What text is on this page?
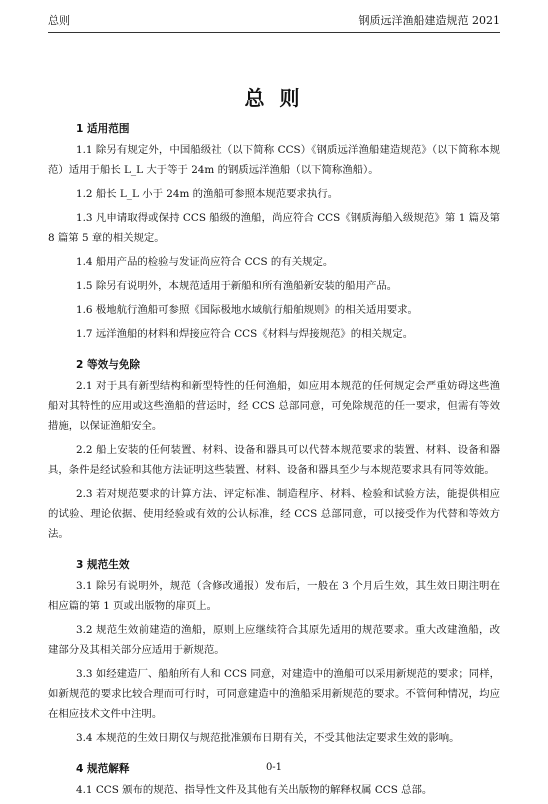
总则	钢质远洋渔船建造规范 2021
总 则
1 适用范围

1.1 除另有规定外，中国船级社（以下简称 CCS）《钢质远洋渔船建造规范》（以下简称本规范）适用于船长 L_L 大于等于 24m 的钢质远洋渔船（以下简称渔船）。

1.2 船长 L_L 小于 24m 的渔船可参照本规范要求执行。

1.3 凡申请取得或保持 CCS 船级的渔船，尚应符合 CCS《钢质海船入级规范》第 1 篇及第 8 篇第 5 章的相关规定。

1.4 船用产品的检验与发证尚应符合 CCS 的有关规定。

1.5 除另有说明外，本规范适用于新船和所有渔船新安装的船用产品。

1.6 极地航行渔船可参照《国际极地水域航行船舶规则》的相关适用要求。

1.7 远洋渔船的材料和焊接应符合 CCS《材料与焊接规范》的相关规定。

2 等效与免除

2.1 对于具有新型结构和新型特性的任何渔船，如应用本规范的任何规定会严重妨碍这些渔船对其特性的应用或这些渔船的营运时，经 CCS 总部同意，可免除规范的任一要求，但需有等效措施，以保证渔船安全。

2.2 船上安装的任何装置、材料、设备和器具可以代替本规范要求的装置、材料、设备和器具，条件是经试验和其他方法证明这些装置、材料、设备和器具至少与本规范要求具有同等效能。

2.3 若对规范要求的计算方法、评定标准、制造程序、材料、检验和试验方法，能提供相应的试验、理论依据、使用经验或有效的公认标准，经 CCS 总部同意，可以接受作为代替和等效方法。

3 规范生效

3.1 除另有说明外，规范（含修改通报）发布后，一般在 3 个月后生效，其生效日期注明在相应篇的第 1 页或出版物的扉页上。

3.2 规范生效前建造的渔船，原则上应继续符合其原先适用的规范要求。重大改建渔船，改建部分及其相关部分应适用于新规范。

3.3 如经建造厂、船舶所有人和 CCS 同意，对建造中的渔船可以采用新规范的要求；同样，如新规范的要求比较合理而可行时，可同意建造中的渔船采用新规范的要求。不管何种情况，均应在相应技术文件中注明。

3.4 本规范的生效日期仅与规范批准颁布日期有关，不受其他法定要求生效的影响。

4 规范解释

4.1 CCS 颁布的规范、指导性文件及其他有关出版物的解释权属 CCS 总部。

0-1
